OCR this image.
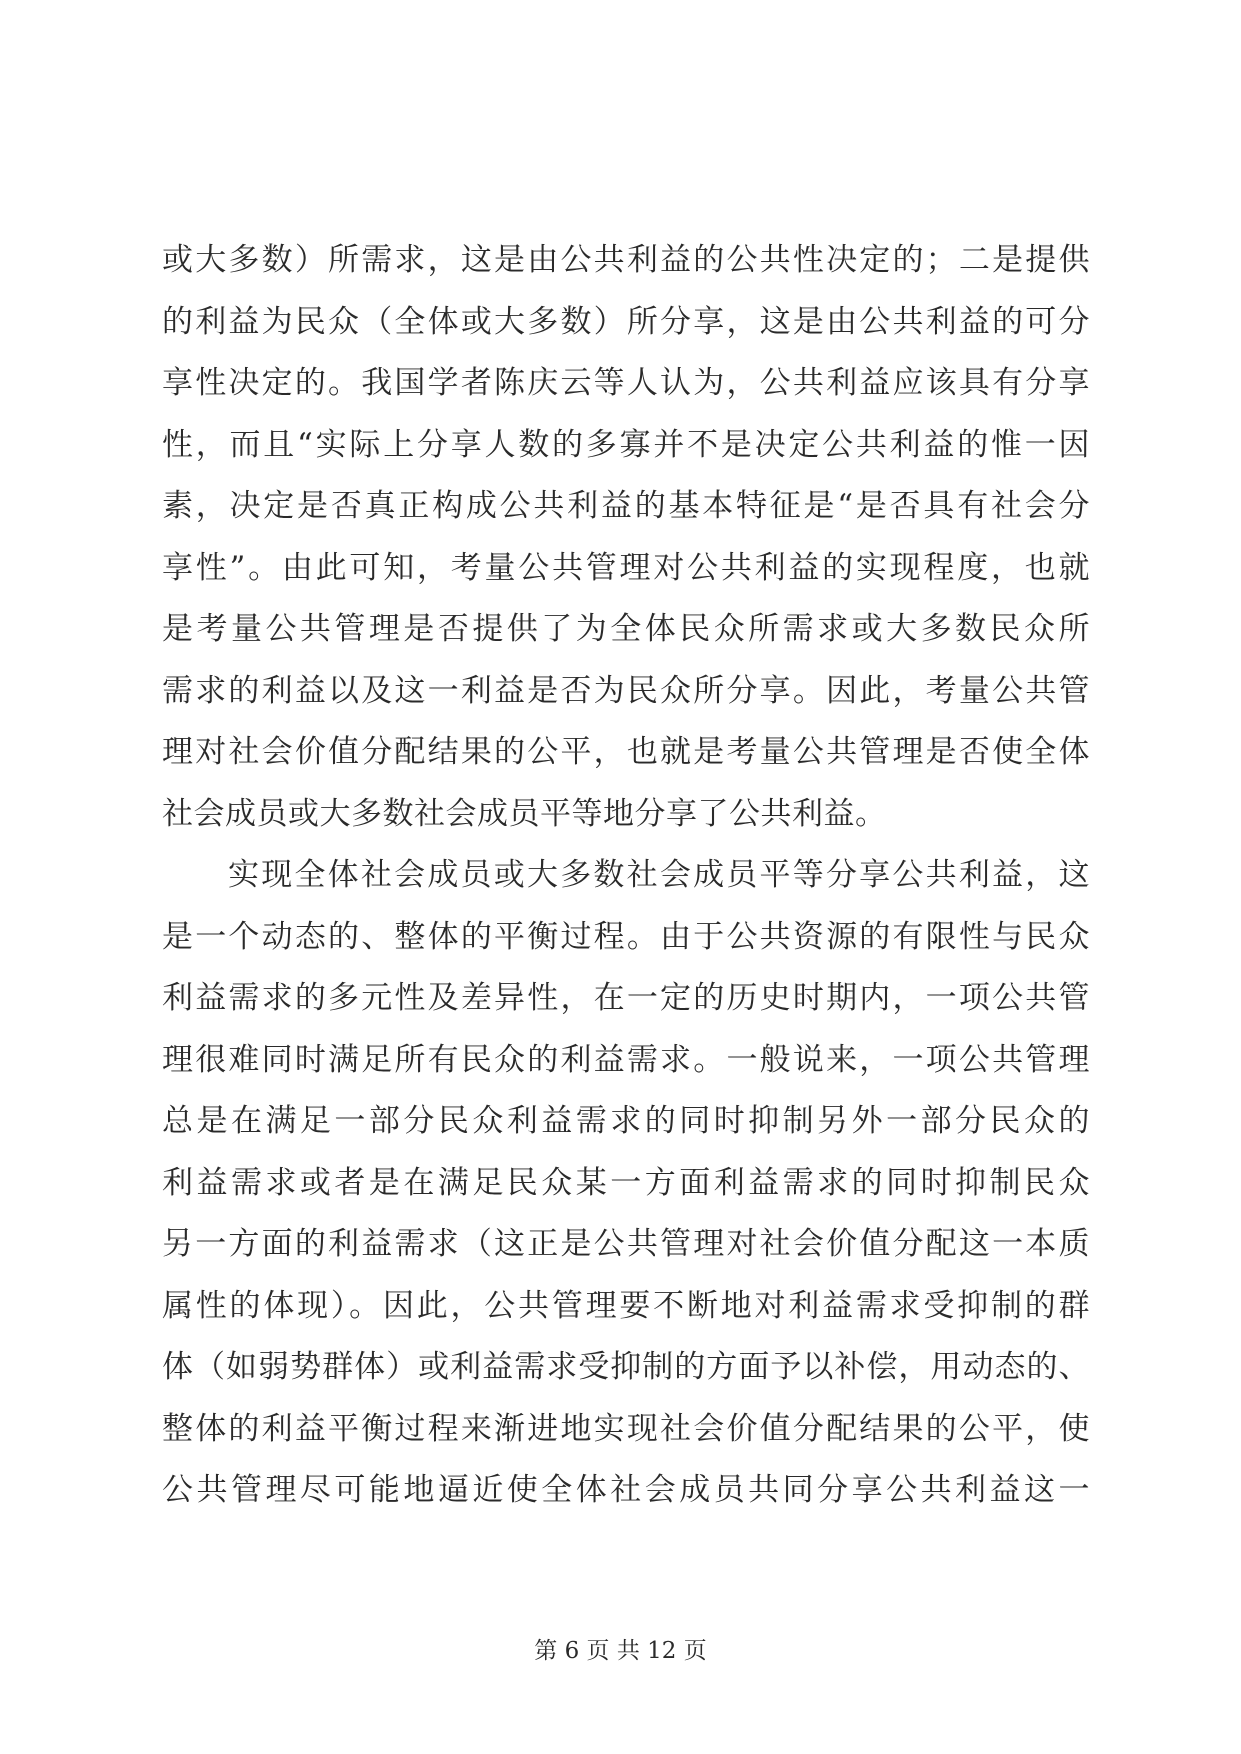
或大多数）所需求，这是由公共利益的公共性决定的；二是提供
的利益为民众（全体或大多数）所分享，这是由公共利益的可分
享性决定的。我国学者陈庆云等人认为，公共利益应该具有分享
性，而且“实际上分享人数的多寡并不是决定公共利益的惟一因
素，决定是否真正构成公共利益的基本特征是“是否具有社会分
享性”。由此可知，考量公共管理对公共利益的实现程度，也就
是考量公共管理是否提供了为全体民众所需求或大多数民众所
需求的利益以及这一利益是否为民众所分享。因此，考量公共管
理对社会价值分配结果的公平，也就是考量公共管理是否使全体
社会成员或大多数社会成员平等地分享了公共利益。
实现全体社会成员或大多数社会成员平等分享公共利益，这
是一个动态的、整体的平衡过程。由于公共资源的有限性与民众
利益需求的多元性及差异性，在一定的历史时期内，一项公共管
理很难同时满足所有民众的利益需求。一般说来，一项公共管理
总是在满足一部分民众利益需求的同时抑制另外一部分民众的
利益需求或者是在满足民众某一方面利益需求的同时抑制民众
另一方面的利益需求（这正是公共管理对社会价值分配这一本质
属性的体现）。因此，公共管理要不断地对利益需求受抑制的群
体（如弱势群体）或利益需求受抑制的方面予以补偿，用动态的、
整体的利益平衡过程来渐进地实现社会价值分配结果的公平，使
公共管理尽可能地逼近使全体社会成员共同分享公共利益这一
第 6 页 共 12 页
